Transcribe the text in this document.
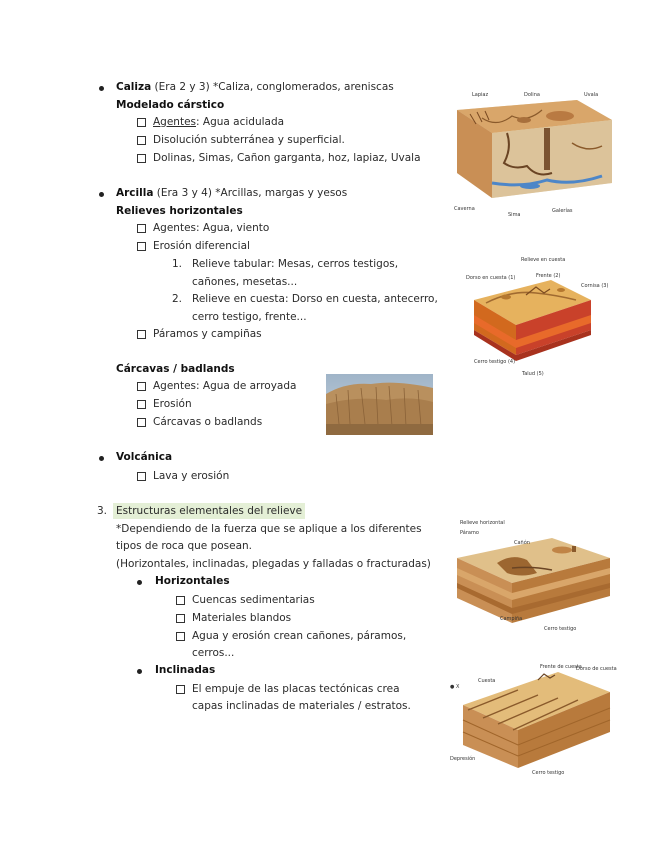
Caliza (Era 2 y 3) *Caliza, conglomerados, areniscas
Modelado cárstico
Agentes: Agua acidulada
Disolución subterránea y superficial.
Dolinas, Simas, Cañon garganta, hoz, lapiaz, Uvala
Lapiaz	Dolina	Uvala
Caverna
Sima
Galerías
Arcilla (Era 3 y 4) *Arcillas, margas y yesos
Relieves horizontales
Agentes: Agua, viento
Erosión diferencial
1. Relieve tabular: Mesas, cerros testigos,
cañones, mesetas...
2. Relieve en cuesta: Dorso en cuesta, antecerro,
cerro testigo, frente...
Páramos y campiñas
Relieve en cuesta
Dorso en cuesta (1)	Frente (2)
Cornisa (3)
Cerro testigo (4)
Talud (5)
Cárcavas / badlands
Agentes: Agua de arroyada
Erosión
Cárcavas o badlands
Volcánica
Lava y erosión
3. Estructuras elementales del relieve
*Dependiendo de la fuerza que se aplique a los diferentes
tipos de roca que posean.
(Horizontales, inclinadas, plegadas y falladas o fracturadas)
Horizontales
Cuencas sedimentarias
Materiales blandos
Agua y erosión crean cañones, páramos,
cerros...
Inclinadas
El empuje de las placas tectónicas crea
capas inclinadas de materiales / estratos.
Relieve horizontal
Páramo
Cañón
Cerro testigo
Campiña
● X
Cuesta
Frente de cuesta
Dorso de cuesta
Depresión
Cerro testigo
